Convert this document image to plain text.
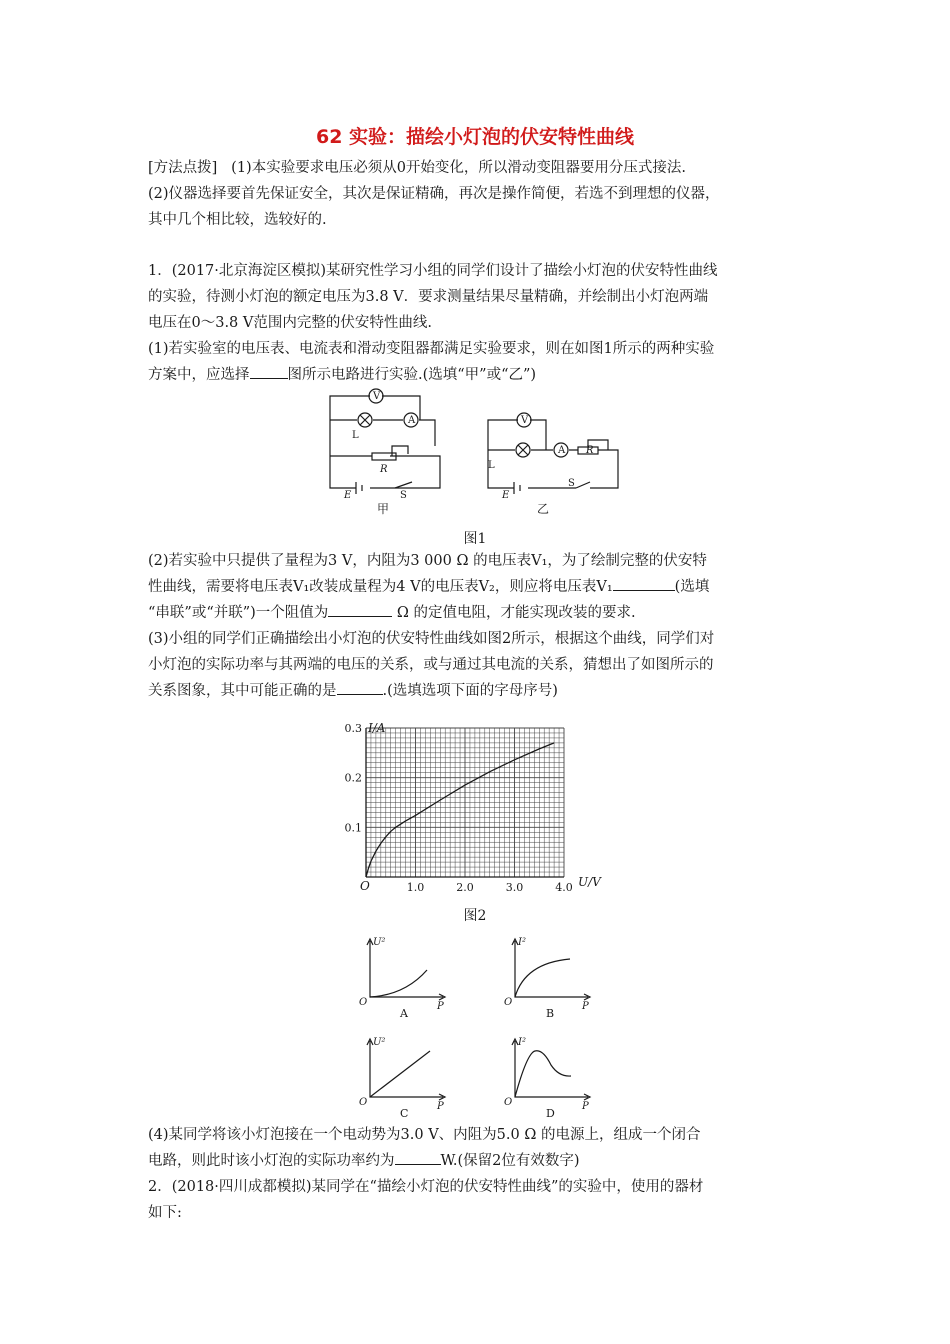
62 实验：描绘小灯泡的伏安特性曲线
[方法点拨] (1)本实验要求电压必须从0开始变化，所以滑动变阻器要用分压式接法.
(2)仪器选择要首先保证安全，其次是保证精确，再次是操作简便，若选不到理想的仪器，
其中几个相比较，选较好的.
1．(2017·北京海淀区模拟)某研究性学习小组的同学们设计了描绘小灯泡的伏安特性曲线
的实验，待测小灯泡的额定电压为3.8 V．要求测量结果尽量精确，并绘制出小灯泡两端
电压在0～3.8 V范围内完整的伏安特性曲线.
(1)若实验室的电压表、电流表和滑动变阻器都满足实验要求，则在如图1所示的两种实验
方案中，应选择	图所示电路进行实验.(选填“甲”或“乙”)
V
A
L
R
E	S
甲
V
A
L
R
E
S
乙
图1
(2)若实验中只提供了量程为3 V，内阻为3 000 Ω 的电压表V₁，为了绘制完整的伏安特
性曲线，需要将电压表V₁改装成量程为4 V的电压表V₂，则应将电压表V₁	(选填
“串联”或“并联”)一个阻值为	Ω 的定值电阻，才能实现改装的要求.
(3)小组的同学们正确描绘出小灯泡的伏安特性曲线如图2所示，根据这个曲线，同学们对
小灯泡的实际功率与其两端的电压的关系，或与通过其电流的关系，猜想出了如图所示的
关系图象，其中可能正确的是	.(选填选项下面的字母序号)
1.0	2.0	3.0	4.0
0.1
0.2
0.3 I/A
U/V
O
图2
U²
P
O
I²
P
O
U²
P
O
I²
P
O
A	B
C	D
(4)某同学将该小灯泡接在一个电动势为3.0 V、内阻为5.0 Ω 的电源上，组成一个闭合
电路，则此时该小灯泡的实际功率约为	W.(保留2位有效数字)
2．(2018·四川成都模拟)某同学在“描绘小灯泡的伏安特性曲线”的实验中，使用的器材
如下:
